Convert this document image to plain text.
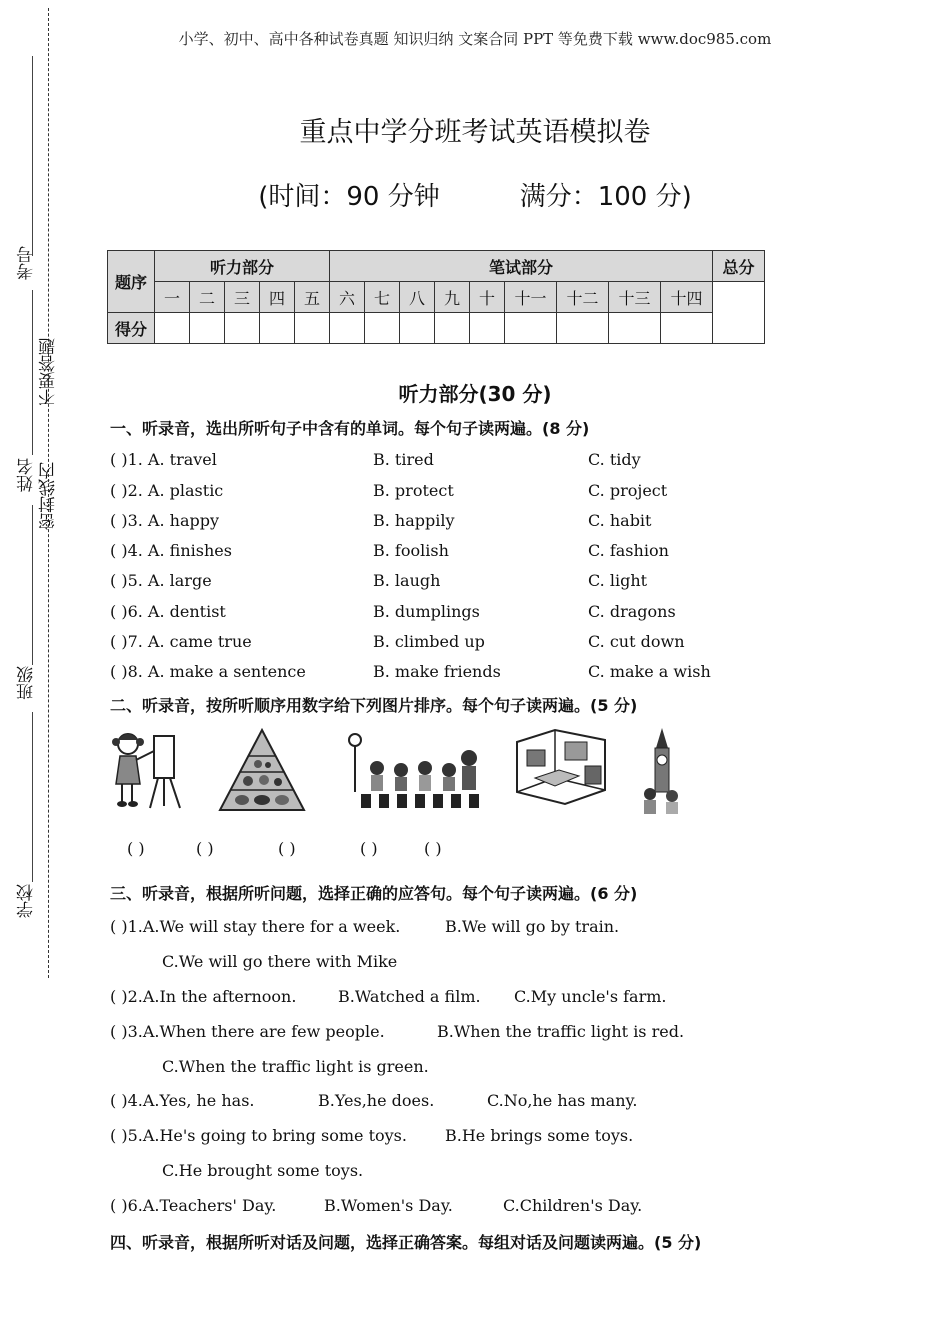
小学、初中、高中各种试卷真题 知识归纳 文案合同 PPT 等免费下载 www.doc985.com
考号
不要答题
姓名 密封线内
班级
学校
重点中学分班考试英语模拟卷
(时间：90 分钟	满分：100 分)
题序	听力部分					笔试部分									总分
	一	二	三	四	五	六	七	八	九	十	十一	十二	十三	十四	
得分															
听力部分(30 分)
一、听录音，选出所听句子中含有的单词。每个句子读两遍。(8 分)
( )1. A. travel	B. tired	C. tidy
( )2. A. plastic	B. protect	C. project
( )3. A. happy	B. happily	C. habit
( )4. A. finishes	B. foolish	C. fashion
( )5. A. large	B. laugh	C. light
( )6. A. dentist	B. dumplings	C. dragons
( )7. A. came true	B. climbed up	C. cut down
( )8. A. make a sentence	B. make friends	C. make a wish
二、听录音，按所听顺序用数字给下列图片排序。每个句子读两遍。(5 分)
( )	( )	( )	( )	( )
三、听录音，根据所听问题，选择正确的应答句。每个句子读两遍。(6 分)
( )1.A.We will stay there for a week.	B.We will go by train.
C.We will go there with Mike
( )2.A.In the afternoon.	B.Watched a film. C.My uncle's farm.
( )3.A.When there are few people.	B.When the traffic light is red.
C.When the traffic light is green.
( )4.A.Yes, he has.	B.Yes,he does.	C.No,he has many.
( )5.A.He's going to bring some toys. B.He brings some toys.
C.He brought some toys.
( )6.A.Teachers' Day.	B.Women's Day.	C.Children's Day.
四、听录音，根据所听对话及问题，选择正确答案。每组对话及问题读两遍。(5 分)
